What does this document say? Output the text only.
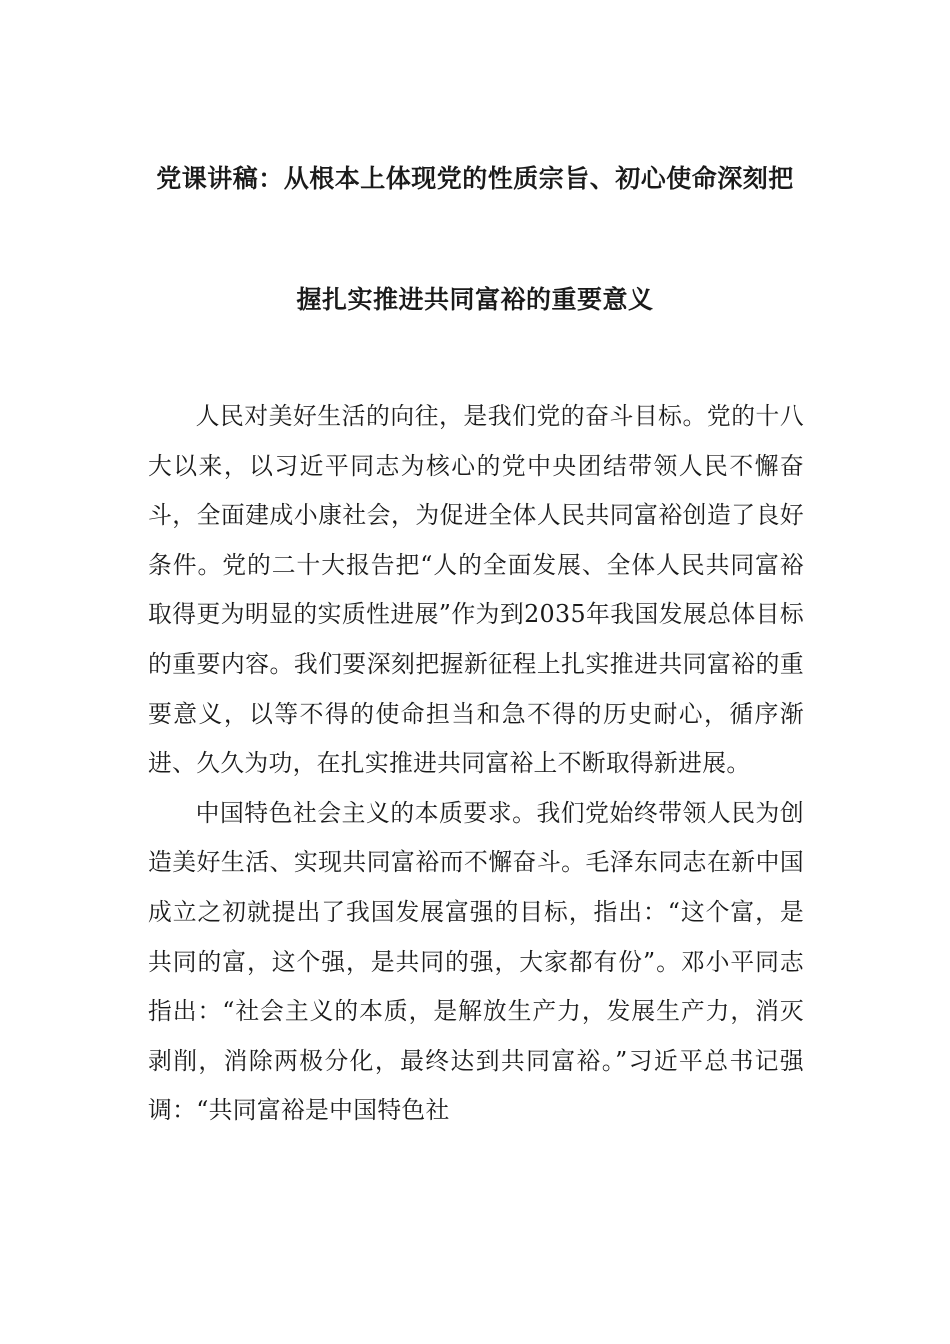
党课讲稿：从根本上体现党的性质宗旨、初心使命深刻把
握扎实推进共同富裕的重要意义

人民对美好生活的向往，是我们党的奋斗目标。党的十八大以来，以习近平同志为核心的党中央团结带领人民不懈奋斗，全面建成小康社会，为促进全体人民共同富裕创造了良好条件。党的二十大报告把“人的全面发展、全体人民共同富裕取得更为明显的实质性进展”作为到2035年我国发展总体目标的重要内容。我们要深刻把握新征程上扎实推进共同富裕的重要意义，以等不得的使命担当和急不得的历史耐心，循序渐进、久久为功，在扎实推进共同富裕上不断取得新进展。

中国特色社会主义的本质要求。我们党始终带领人民为创造美好生活、实现共同富裕而不懈奋斗。毛泽东同志在新中国成立之初就提出了我国发展富强的目标，指出：“这个富，是共同的富，这个强，是共同的强，大家都有份”。邓小平同志指出：“社会主义的本质，是解放生产力，发展生产力，消灭剥削，消除两极分化，最终达到共同富裕。”习近平总书记强调：“共同富裕是中国特色社
